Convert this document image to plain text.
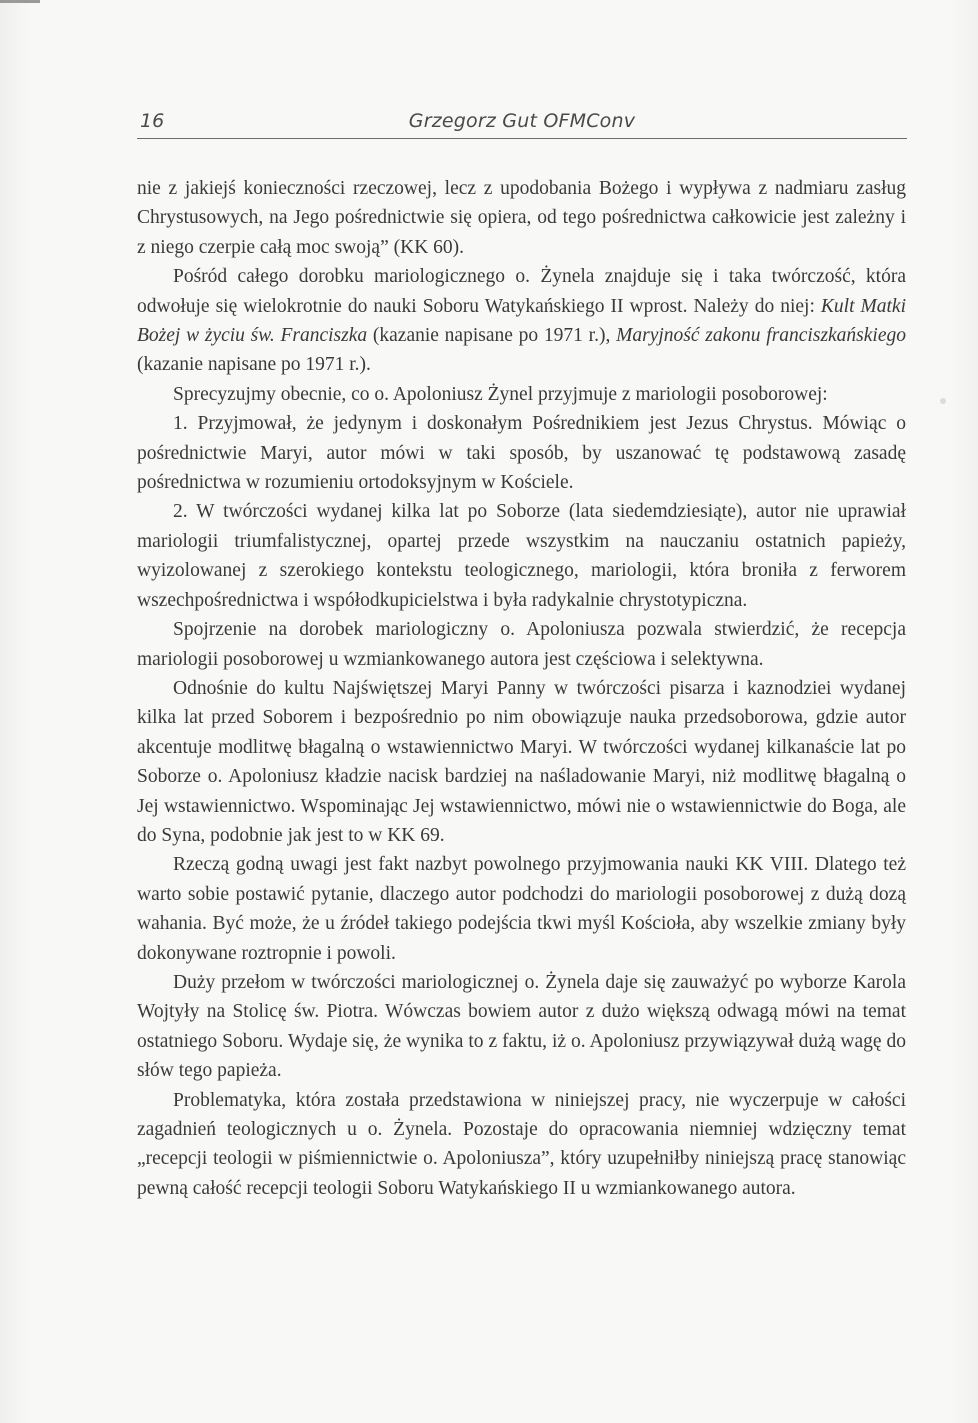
16	Grzegorz Gut OFMConv

nie z jakiejś konieczności rzeczowej, lecz z upodobania Bożego i wypływa z nadmiaru zasług Chrystusowych, na Jego pośrednictwie się opiera, od tego pośrednictwa całkowicie jest zależny i z niego czerpie całą moc swoją” (KK 60).

Pośród całego dorobku mariologicznego o. Żynela znajduje się i taka twórczość, która odwołuje się wielokrotnie do nauki Soboru Watykańskiego II wprost. Należy do niej: Kult Matki Bożej w życiu św. Franciszka (kazanie napisane po 1971 r.), Maryjność zakonu franciszkańskiego (kazanie napisane po 1971 r.).

Sprecyzujmy obecnie, co o. Apoloniusz Żynel przyjmuje z mariologii posoborowej:

1. Przyjmował, że jedynym i doskonałym Pośrednikiem jest Jezus Chrystus. Mówiąc o pośrednictwie Maryi, autor mówi w taki sposób, by uszanować tę podstawową zasadę pośrednictwa w rozumieniu ortodoksyjnym w Kościele.

2. W twórczości wydanej kilka lat po Soborze (lata siedemdziesiąte), autor nie uprawiał mariologii triumfalistycznej, opartej przede wszystkim na nauczaniu ostatnich papieży, wyizolowanej z szerokiego kontekstu teologicznego, mariologii, która broniła z ferworem wszechpośrednictwa i współodkupicielstwa i była radykalnie chrystotypiczna.

Spojrzenie na dorobek mariologiczny o. Apoloniusza pozwala stwierdzić, że recepcja mariologii posoborowej u wzmiankowanego autora jest częściowa i selektywna.

Odnośnie do kultu Najświętszej Maryi Panny w twórczości pisarza i kaznodziei wydanej kilka lat przed Soborem i bezpośrednio po nim obowiązuje nauka przedsoborowa, gdzie autor akcentuje modlitwę błagalną o wstawiennictwo Maryi. W twórczości wydanej kilkanaście lat po Soborze o. Apoloniusz kładzie nacisk bardziej na naśladowanie Maryi, niż modlitwę błagalną o Jej wstawiennictwo. Wspominając Jej wstawiennictwo, mówi nie o wstawiennictwie do Boga, ale do Syna, podobnie jak jest to w KK 69.

Rzeczą godną uwagi jest fakt nazbyt powolnego przyjmowania nauki KK VIII. Dlatego też warto sobie postawić pytanie, dlaczego autor podchodzi do mariologii posoborowej z dużą dozą wahania. Być może, że u źródeł takiego podejścia tkwi myśl Kościoła, aby wszelkie zmiany były dokonywane roztropnie i powoli.

Duży przełom w twórczości mariologicznej o. Żynela daje się zauważyć po wyborze Karola Wojtyły na Stolicę św. Piotra. Wówczas bowiem autor z dużo większą odwagą mówi na temat ostatniego Soboru. Wydaje się, że wynika to z faktu, iż o. Apoloniusz przywiązywał dużą wagę do słów tego papieża.

Problematyka, która została przedstawiona w niniejszej pracy, nie wyczerpuje w całości zagadnień teologicznych u o. Żynela. Pozostaje do opracowania niemniej wdzięczny temat „recepcji teologii w piśmiennictwie o. Apoloniusza”, który uzupełniłby niniejszą pracę stanowiąc pewną całość recepcji teologii Soboru Watykańskiego II u wzmiankowanego autora.
